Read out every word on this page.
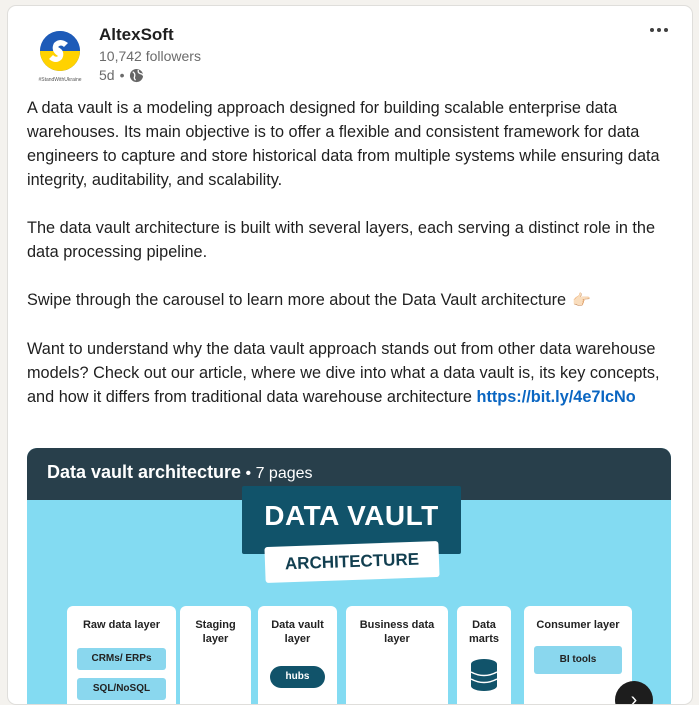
#StandWithUkraine
AltexSoft
10,742 followers
5d •

A data vault is a modeling approach designed for building scalable enterprise data warehouses. Its main objective is to offer a flexible and consistent framework for data engineers to capture and store historical data from multiple systems while ensuring data integrity, auditability, and scalability.

The data vault architecture is built with several layers, each serving a distinct role in the data processing pipeline.

Swipe through the carousel to learn more about the Data Vault architecture 👉🏻

Want to understand why the data vault approach stands out from other data warehouse models? Check out our article, where we dive into what a data vault is, its key concepts, and how it differs from traditional data warehouse architecture https://bit.ly/4e7IcNo

Data vault architecture • 7 pages
DATA VAULT
ARCHITECTURE
Raw data layer
CRMs/ ERPs
SQL/NoSQL
Staging layer
Data vault layer
hubs
Business data layer
Data marts
Consumer layer
BI tools
›
